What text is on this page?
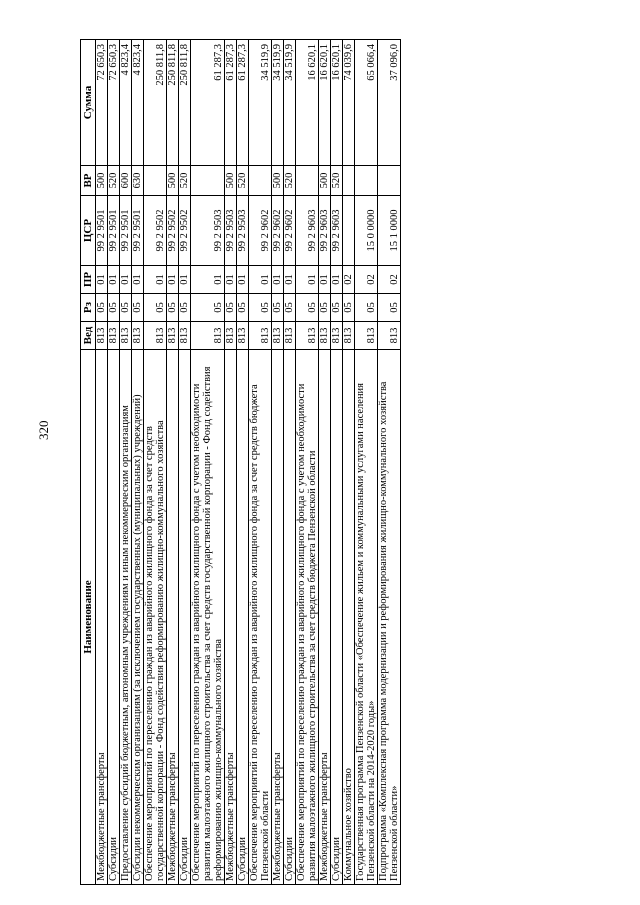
320
Наименование	Вед	Рз	ПР	ЦСР	ВР	Сумма
Межбюджетные трансферты	813	05	01	99 2 9501	500	72 650,3
Субсидии	813	05	01	99 2 9501	520	72 650,3
Предоставление субсидий бюджетным, автономным учреждениям и иным некоммерческим организациям	813	05	01	99 2 9501	600	4 823,4
Субсидии некоммерческим организациям (за исключением государственных (муниципальных) учреждений)	813	05	01	99 2 9501	630	4 823,4
Обеспечение мероприятий по переселению граждан из аварийного жилищного фонда за счет средств государственной корпорации - Фонд содействия реформированию жилищно-коммунального хозяйства	813	05	01	99 2 9502		250 811,8
Межбюджетные трансферты	813	05	01	99 2 9502	500	250 811,8
Субсидии	813	05	01	99 2 9502	520	250 811,8
Обеспечение мероприятий по переселению граждан из аварийного жилищного фонда с учетом необходимости развития малоэтажного жилищного строительства за счет средств государственной корпорации - Фонд содействия реформированию жилищно-коммунального хозяйства	813	05	01	99 2 9503		61 287,3
Межбюджетные трансферты	813	05	01	99 2 9503	500	61 287,3
Субсидии	813	05	01	99 2 9503	520	61 287,3
Обеспечение мероприятий по переселению граждан из аварийного жилищного фонда за счет средств бюджета Пензенской области	813	05	01	99 2 9602		34 519,9
Межбюджетные трансферты	813	05	01	99 2 9602	500	34 519,9
Субсидии	813	05	01	99 2 9602	520	34 519,9
Обеспечение мероприятий по переселению граждан из аварийного жилищного фонда с учетом необходимости развития малоэтажного жилищного строительства за счет средств бюджета Пензенской области	813	05	01	99 2 9603		16 620,1
Межбюджетные трансферты	813	05	01	99 2 9603	500	16 620,1
Субсидии	813	05	01	99 2 9603	520	16 620,1
Коммунальное хозяйство	813	05	02			74 039,6
Государственная программа Пензенской области «Обеспечение жильем и коммунальными услугами населения Пензенской области на 2014-2020 годы»	813	05	02	15 0 0000		65 066,4
Подпрограмма «Комплексная программа модернизации и реформирования жилищно-коммунального хозяйства Пензенской области»	813	05	02	15 1 0000		37 096,0
